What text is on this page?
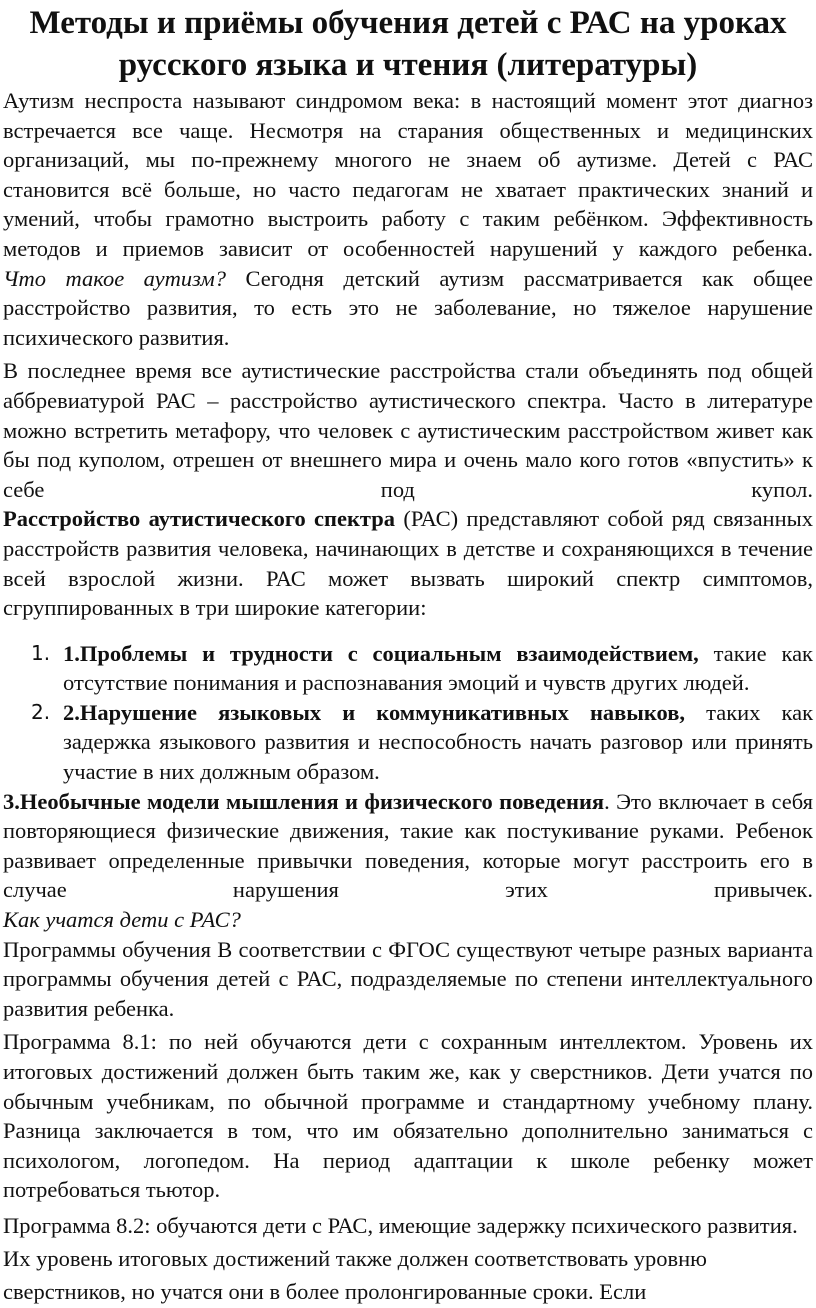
Методы и приёмы обучения детей с РАС на уроках русского языка и чтения (литературы)

Аутизм неспроста называют синдромом века: в настоящий момент этот диагноз встречается все чаще. Несмотря на старания общественных и медицинских организаций, мы по-прежнему многого не знаем об аутизме. Детей с РАС становится всё больше, но часто педагогам не хватает практических знаний и умений, чтобы грамотно выстроить работу с таким ребёнком. Эффективность методов и приемов зависит от особенностей нарушений у каждого ребенка.

Что такое аутизм? Сегодня детский аутизм рассматривается как общее расстройство развития, то есть это не заболевание, но тяжелое нарушение психического развития.

В последнее время все аутистические расстройства стали объединять под общей аббревиатурой РАС – расстройство аутистического спектра. Часто в литературе можно встретить метафору, что человек с аутистическим расстройством живет как бы под куполом, отрешен от внешнего мира и очень мало кого готов «впустить» к себе под купол.

Расстройство аутистического спектра (РАС) представляют собой ряд связанных расстройств развития человека, начинающих в детстве и сохраняющихся в течение всей взрослой жизни. РАС может вызвать широкий спектр симптомов, сгруппированных в три широкие категории:

1. 1.Проблемы и трудности с социальным взаимодействием, такие как отсутствие понимания и распознавания эмоций и чувств других людей.
2. 2.Нарушение языковых и коммуникативных навыков, таких как задержка языкового развития и неспособность начать разговор или принять участие в них должным образом.

3.Необычные модели мышления и физического поведения. Это включает в себя повторяющиеся физические движения, такие как постукивание руками. Ребенок развивает определенные привычки поведения, которые могут расстроить его в случае нарушения этих привычек.

Как учатся дети с РАС?

Программы обучения В соответствии с ФГОС существуют четыре разных варианта программы обучения детей с РАС, подразделяемые по степени интеллектуального развития ребенка.

Программа 8.1: по ней обучаются дети с сохранным интеллектом. Уровень их итоговых достижений должен быть таким же, как у сверстников. Дети учатся по обычным учебникам, по обычной программе и стандартному учебному плану. Разница заключается в том, что им обязательно дополнительно заниматься с психологом, логопедом. На период адаптации к школе ребенку может потребоваться тьютор.

Программа 8.2: обучаются дети с РАС, имеющие задержку психического развития. Их уровень итоговых достижений также должен соответствовать уровню сверстников, но учатся они в более пролонгированные сроки. Если
